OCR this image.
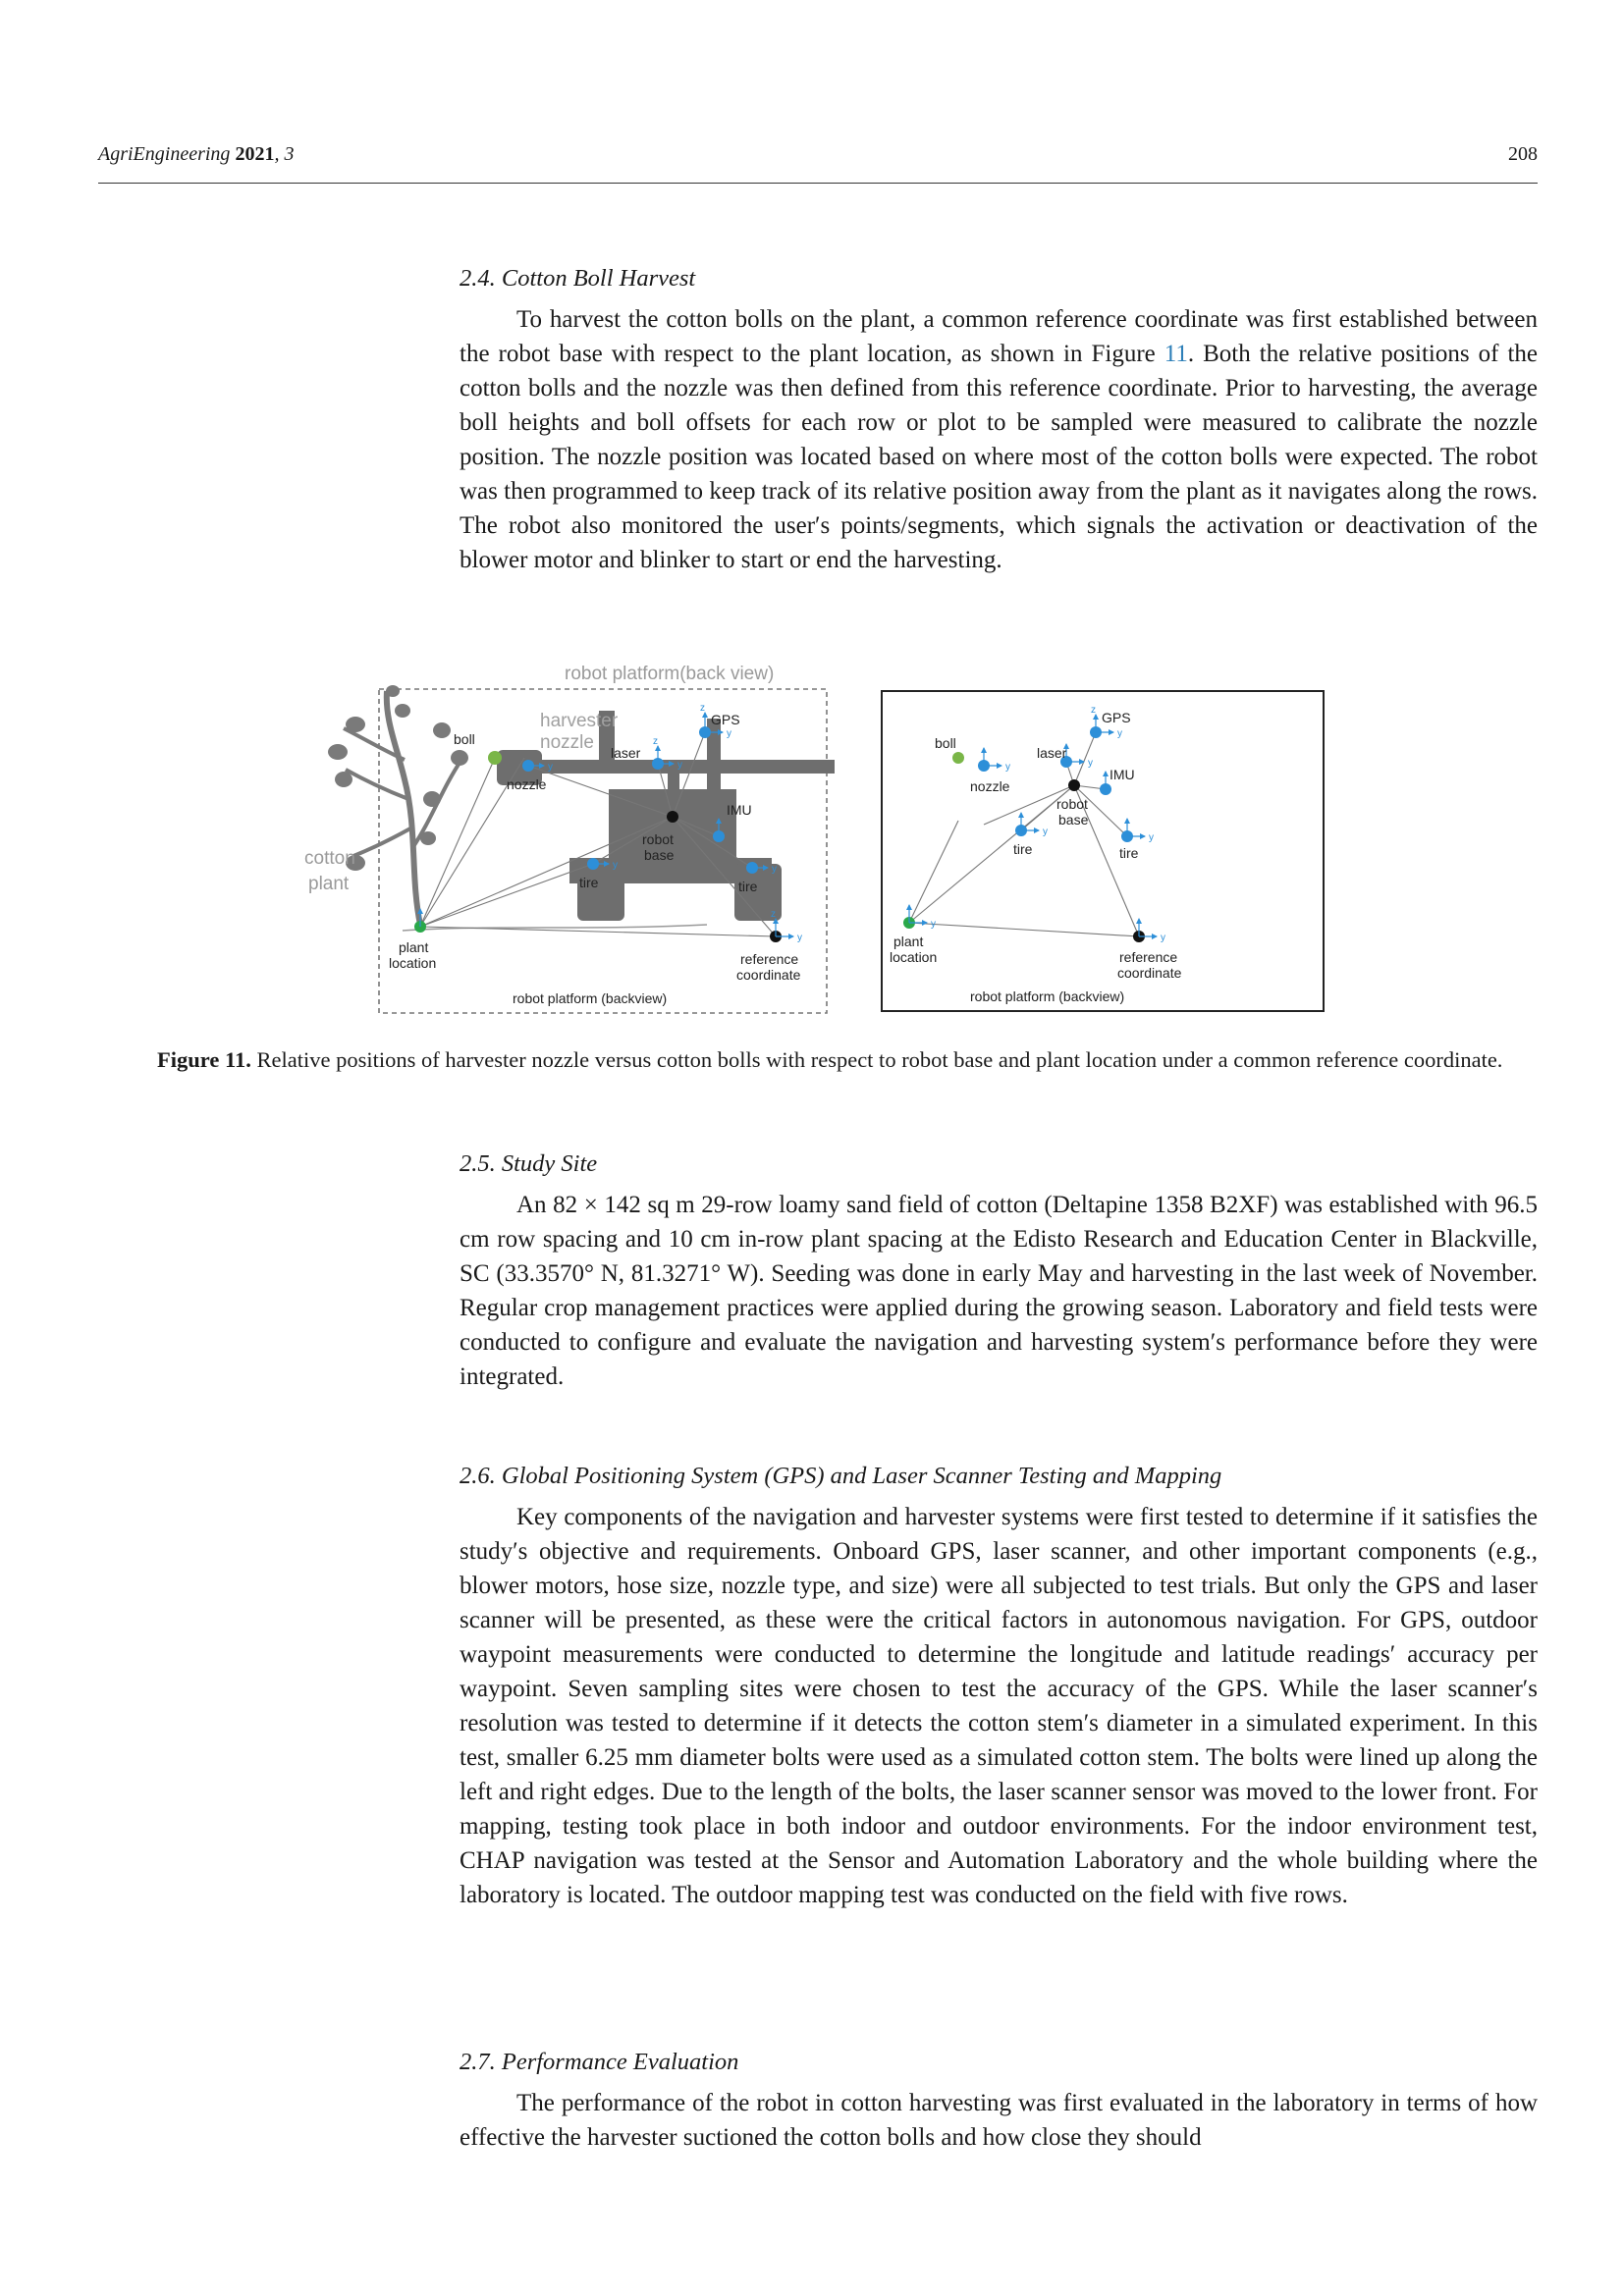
AgriEngineering 2021, 3	208

2.4. Cotton Boll Harvest

To harvest the cotton bolls on the plant, a common reference coordinate was first established between the robot base with respect to the plant location, as shown in Figure 11. Both the relative positions of the cotton bolls and the nozzle was then defined from this reference coordinate. Prior to harvesting, the average boll heights and boll offsets for each row or plot to be sampled were measured to calibrate the nozzle position. The nozzle position was located based on where most of the cotton bolls were expected. The robot was then programmed to keep track of its relative position away from the plant as it navigates along the rows. The robot also monitored the user′s points/segments, which signals the activation or deactivation of the blower motor and blinker to start or end the harvesting.

robot platform(back view)
cotton
plant
harvester
nozzle
z
y
z
y
y
y	y
z
y
boll
nozzle
laser
GPS
IMU
robot
base
tire	tire
plant
location	reference
coordinate
robot platform (backview)
z
y
y
y
y
y
y
y
boll
nozzle
laser
GPS
IMU
robot
base
tire	tire
plant
location	reference
coordinate
robot platform (backview)
Figure 11. Relative positions of harvester nozzle versus cotton bolls with respect to robot base and plant location under a common reference coordinate.

2.5. Study Site

An 82 × 142 sq m 29-row loamy sand field of cotton (Deltapine 1358 B2XF) was established with 96.5 cm row spacing and 10 cm in-row plant spacing at the Edisto Research and Education Center in Blackville, SC (33.3570° N, 81.3271° W). Seeding was done in early May and harvesting in the last week of November. Regular crop management practices were applied during the growing season. Laboratory and field tests were conducted to configure and evaluate the navigation and harvesting system′s performance before they were integrated.

2.6. Global Positioning System (GPS) and Laser Scanner Testing and Mapping

Key components of the navigation and harvester systems were first tested to determine if it satisfies the study′s objective and requirements. Onboard GPS, laser scanner, and other important components (e.g., blower motors, hose size, nozzle type, and size) were all subjected to test trials. But only the GPS and laser scanner will be presented, as these were the critical factors in autonomous navigation. For GPS, outdoor waypoint measurements were conducted to determine the longitude and latitude readings′ accuracy per waypoint. Seven sampling sites were chosen to test the accuracy of the GPS. While the laser scanner′s resolution was tested to determine if it detects the cotton stem′s diameter in a simulated experiment. In this test, smaller 6.25 mm diameter bolts were used as a simulated cotton stem. The bolts were lined up along the left and right edges. Due to the length of the bolts, the laser scanner sensor was moved to the lower front. For mapping, testing took place in both indoor and outdoor environments. For the indoor environment test, CHAP navigation was tested at the Sensor and Automation Laboratory and the whole building where the laboratory is located. The outdoor mapping test was conducted on the field with five rows.

2.7. Performance Evaluation

The performance of the robot in cotton harvesting was first evaluated in the laboratory in terms of how effective the harvester suctioned the cotton bolls and how close they should
